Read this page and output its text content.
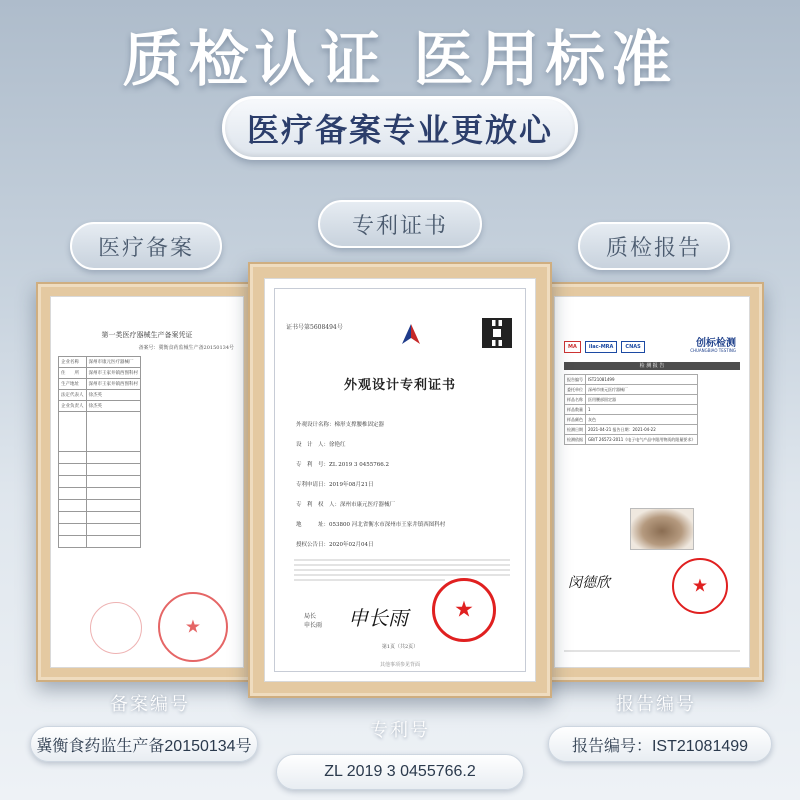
质检认证 医用标准
医疗备案专业更放心
医疗备案
专利证书
质检报告
第一类医疗器械生产备案凭证
备案号：冀衡食药监械生产备20150134号
企业名称	深州市康元医疗器械厂
住　　所	深州市王家井镇西图科村
生产地址	深州市王家井镇西图科村
法定代表人	徐杰英
企业负责人	徐杰英

★
证书号第5608494号
外观设计专利证书
外观设计名称：梯形支撑腰椎固定器
设　计　人：徐艳红
专　利　号：ZL 2019 3 0455766.2
专利申请日：2019年08月21日
专　利　权　人：深州市康元医疗器械厂
地　　　址：053800 河北省衡水市深州市王家井镇西图科村
授权公告日：2020年02月04日
局长
申长雨 申长雨 ★
第1页（共2页）
其他事项参见背面
MA	ilac-MRA	CNAS	创标检测
CHUANGBIAO TESTING
检 测 报 告
报告编号	IST21081499
委托单位	深州市康元医疗器械厂
样品名称	医用腰部固定器
样品数量	1
样品颜色	灰色
检测日期	2021-04-21 报告日期：2021-04-22
检测依据	GB/T 26572-2011《电子电气产品中限用物质的限量要求》
闵德欣	★
备案编号
专利号
报告编号
冀衡食药监生产备20150134号
ZL 2019 3 0455766.2
报告编号：IST21081499
